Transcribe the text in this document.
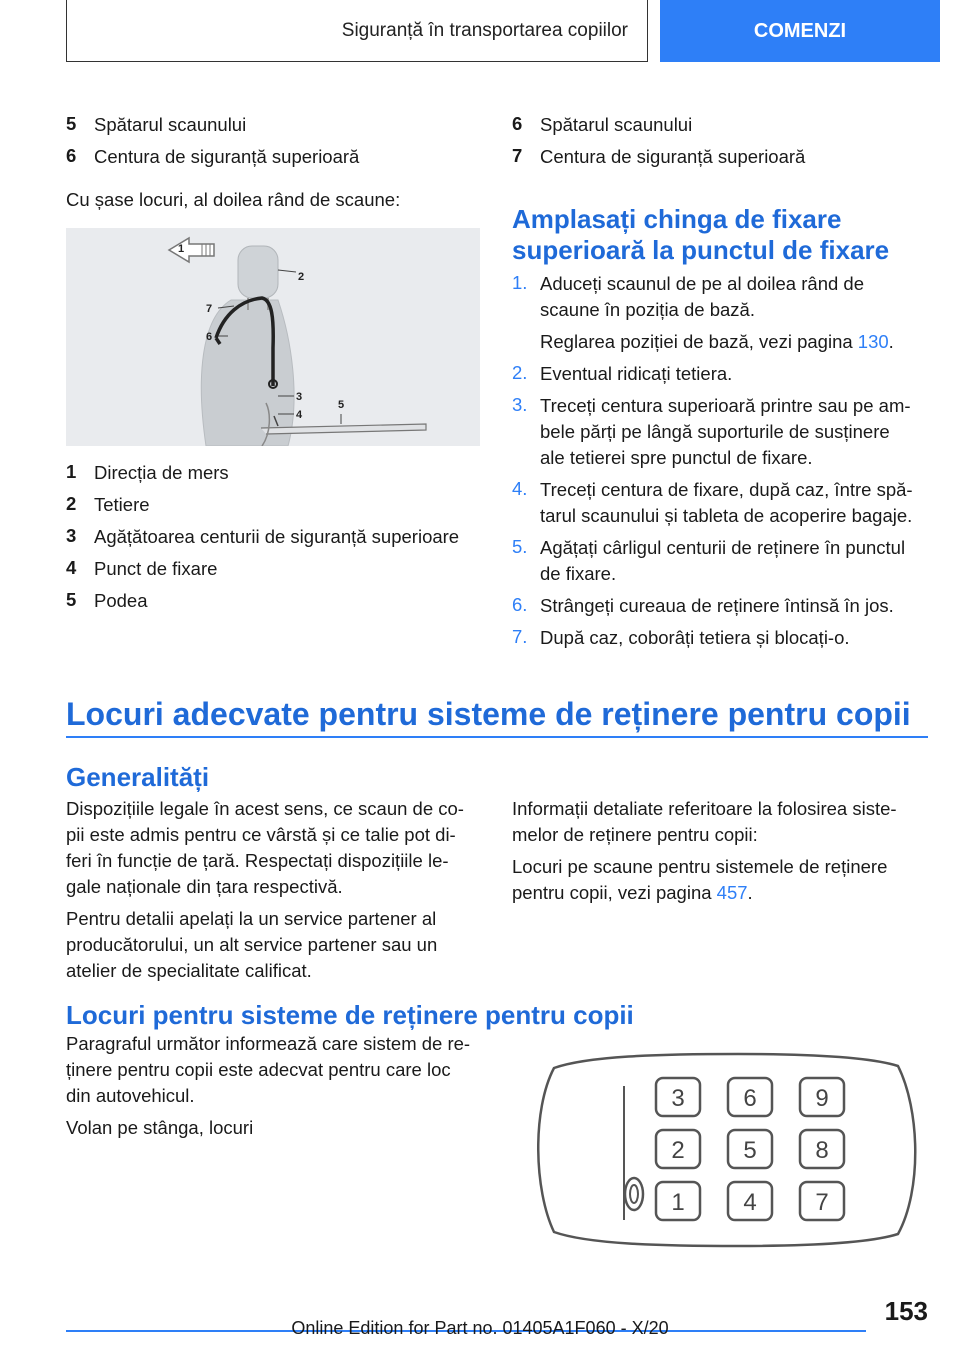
Siguranță în transportarea copiilor	COMENZI
5 Spătarul scaunului
6 Centura de siguranță superioară
Cu șase locuri, al doilea rând de scaune:
1
2
7
6
3
4
5
1 Direcția de mers
2 Tetiere
3 Agățătoarea centurii de siguranță superioare
4 Punct de fixare
5 Podea
6 Spătarul scaunului
7 Centura de siguranță superioară
Amplasați chinga de fixare
superioară la punctul de fixare
1. Aduceți scaunul de pe al doilea rând de
scaune în poziția de bază.
Reglarea poziției de bază, vezi pagina 130.
2. Eventual ridicați tetiera.
3. Treceți centura superioară printre sau pe am-
bele părți pe lângă suporturile de susținere
ale tetierei spre punctul de fixare.
4. Treceți centura de fixare, după caz, între spă-
tarul scaunului și tableta de acoperire bagaje.
5. Agățați cârligul centurii de reținere în punctul
de fixare.
6. Strângeți cureaua de reținere întinsă în jos.
7. După caz, coborâți tetiera și blocați-o.
Locuri adecvate pentru sisteme de reținere pentru copii
Generalități
Dispozițiile legale în acest sens, ce scaun de co-
pii este admis pentru ce vârstă și ce talie pot di-
feri în funcție de țară. Respectați dispozițiile le-
gale naționale din țara respectivă.
Pentru detalii apelați la un service partener al
producătorului, un alt service partener sau un
atelier de specialitate calificat.
Informații detaliate referitoare la folosirea siste-
melor de reținere pentru copii:
Locuri pe scaune pentru sistemele de reținere
pentru copii, vezi pagina 457.
Locuri pentru sisteme de reținere pentru copii
Paragraful următor informează care sistem de re-
ținere pentru copii este adecvat pentru care loc
din autovehicul.
Volan pe stânga, locuri
3 6 9
2 5 8
1 4 7
153
Online Edition for Part no. 01405A1F060 - X/20
